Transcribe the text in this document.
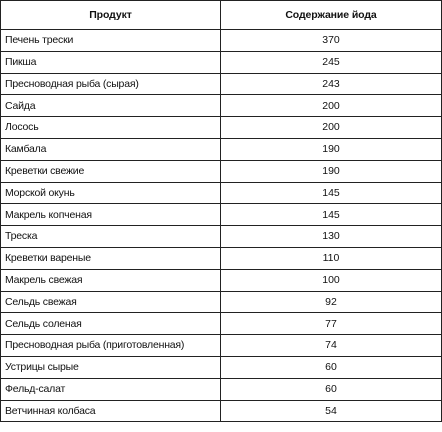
Продукт	Содержание йода
Печень трески	370
Пикша	245
Пресноводная рыба (сырая)	243
Сайда	200
Лосось	200
Камбала	190
Креветки свежие	190
Морской окунь	145
Макрель копченая	145
Треска	130
Креветки вареные	110
Макрель свежая	100
Сельдь свежая	92
Сельдь соленая	77
Пресноводная рыба (приготовленная)	74
Устрицы сырые	60
Фельд-салат	60
Ветчинная колбаса	54
